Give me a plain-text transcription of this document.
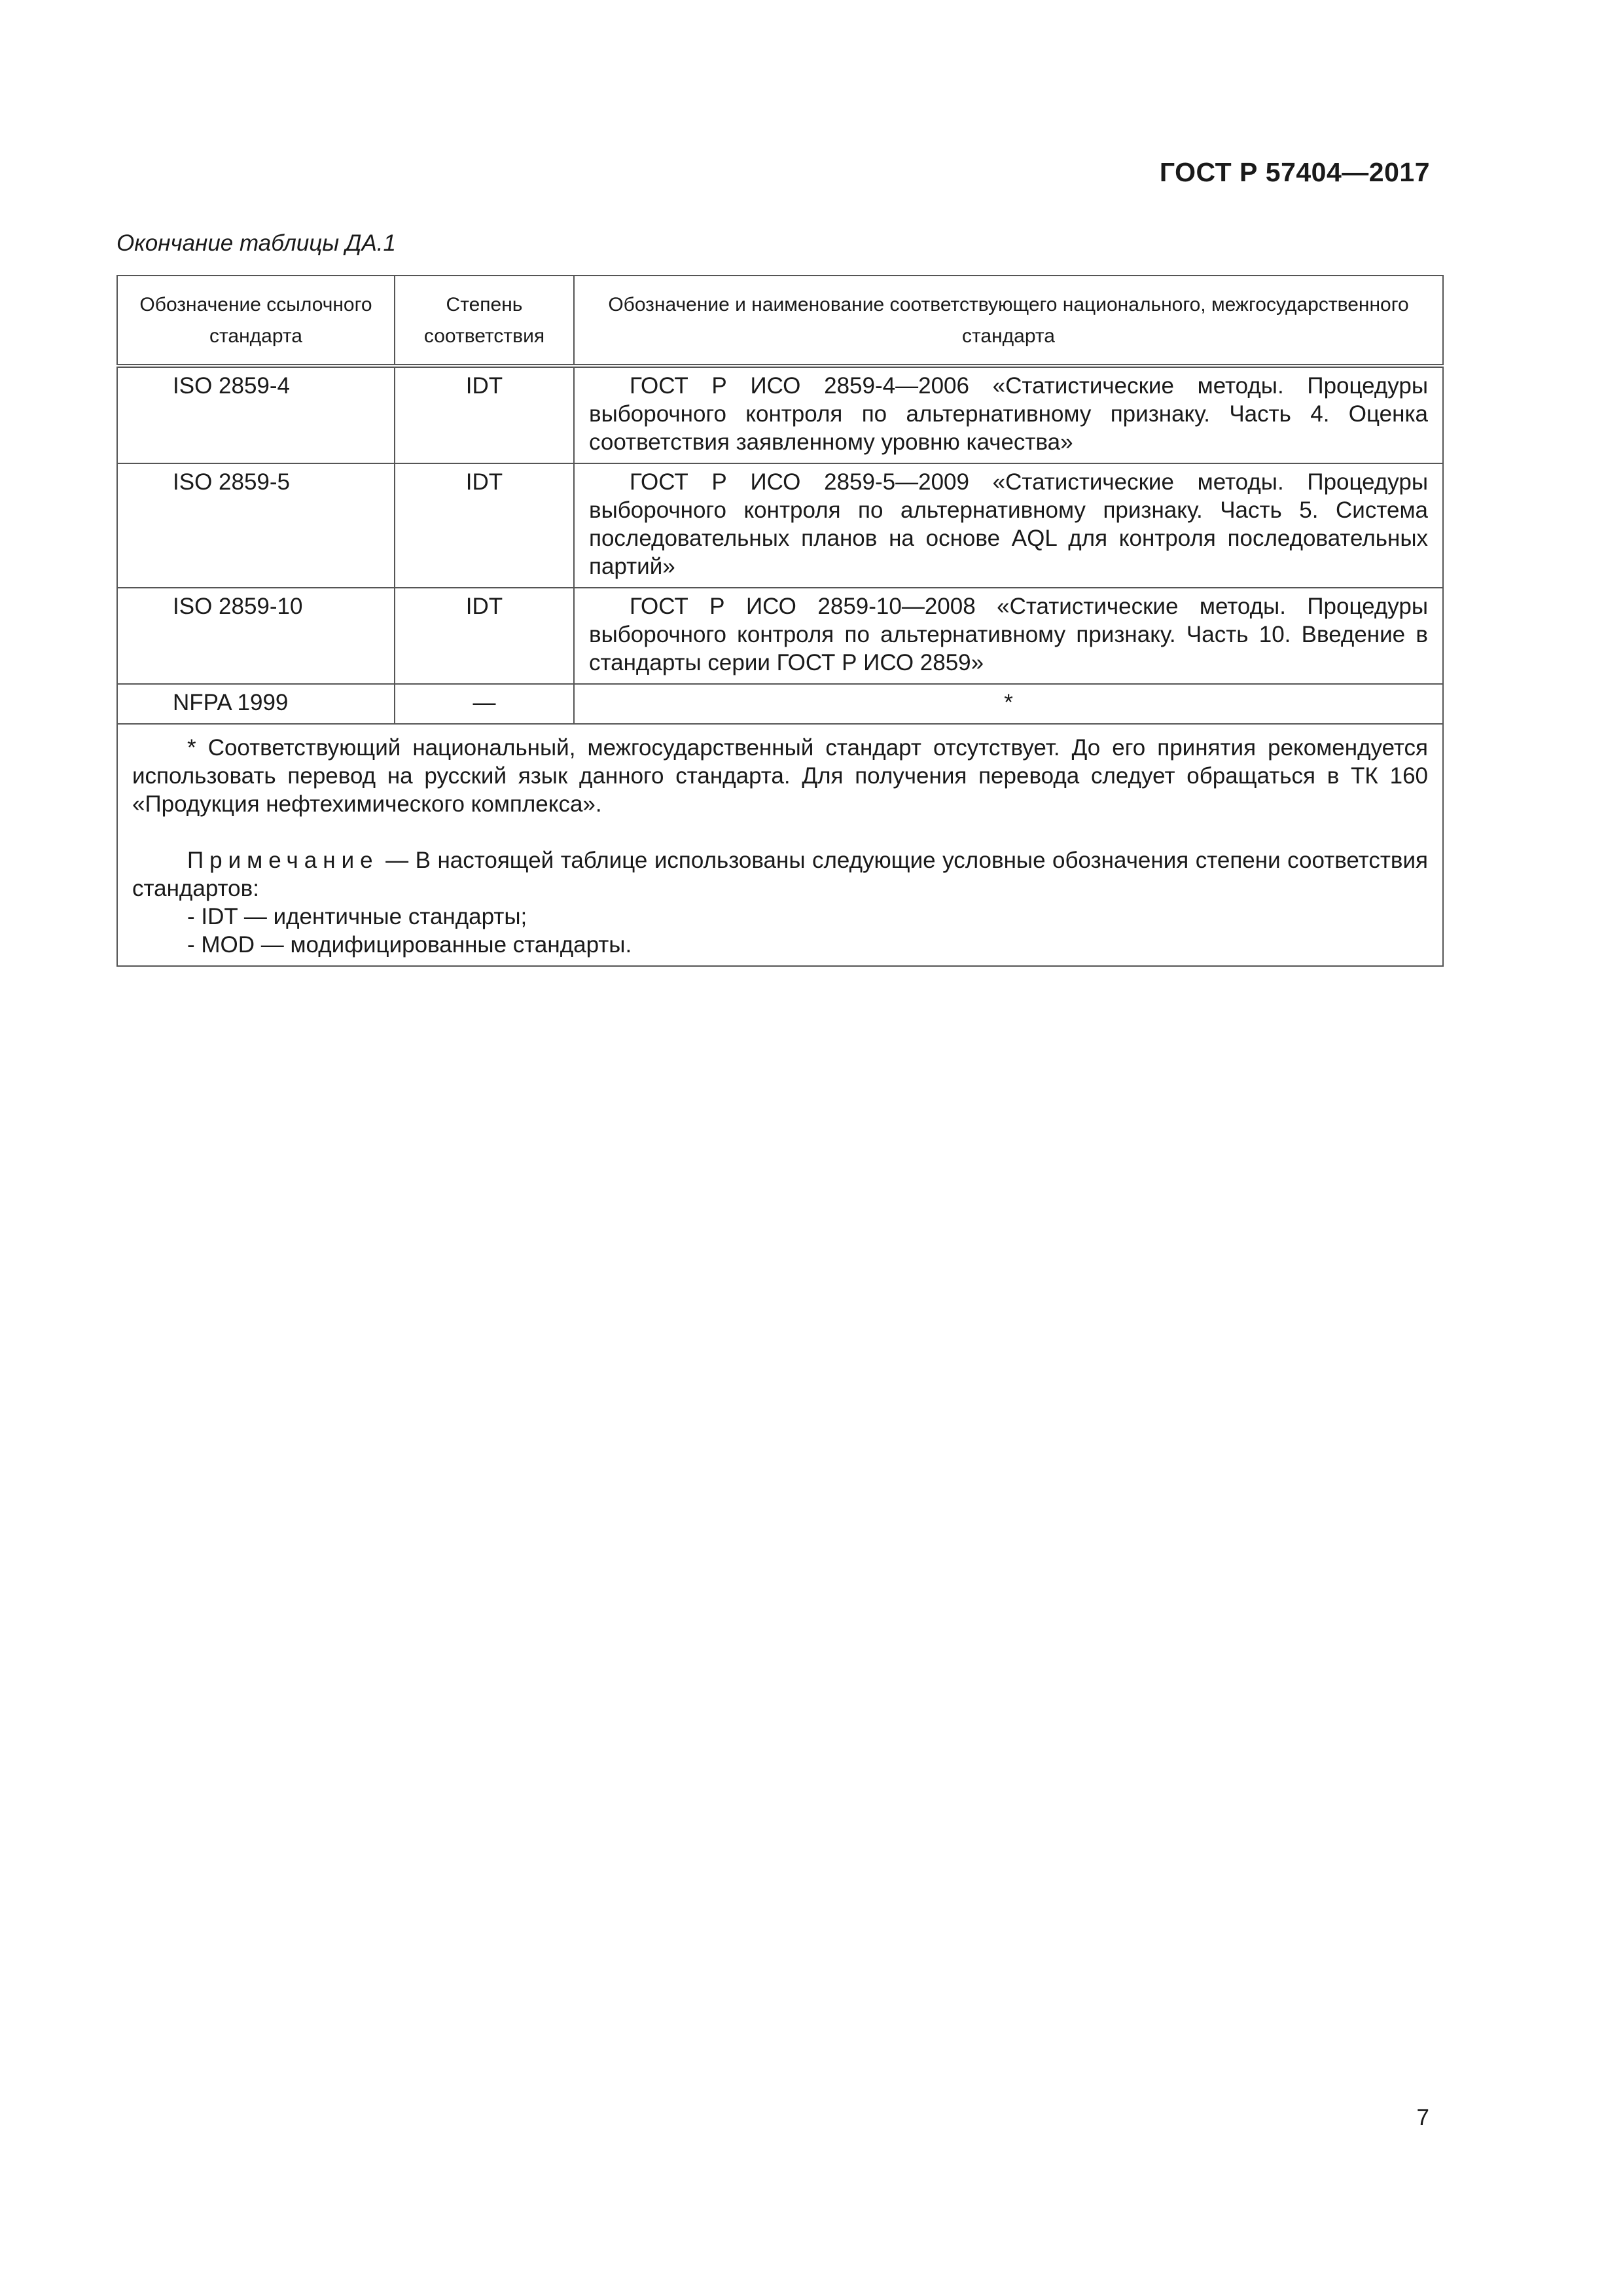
ГОСТ Р 57404—2017
Окончание таблицы ДА.1
Обозначение ссылочного стандарта	Степень соответствия	Обозначение и наименование соответствующего национального, межгосударственного стандарта
ISO 2859-4	IDT	ГОСТ Р ИСО 2859-4—2006 «Статистические методы. Процедуры выборочного контроля по альтернативному признаку. Часть 4. Оценка соответствия заявленному уровню качества»
ISO 2859-5	IDT	ГОСТ Р ИСО 2859-5—2009 «Статистические методы. Процедуры выборочного контроля по альтернативному признаку. Часть 5. Система последовательных планов на основе AQL для контроля последовательных партий»
ISO 2859-10	IDT	ГОСТ Р ИСО 2859-10—2008 «Статистические методы. Процедуры выборочного контроля по альтернативному признаку. Часть 10. Введение в стандарты серии ГОСТ Р ИСО 2859»
NFPA 1999	—	*

* Соответствующий национальный, межгосударственный стандарт отсутствует. До его принятия рекомендуется использовать перевод на русский язык данного стандарта. Для получения перевода следует обращаться в ТК 160 «Продукция нефтехимического комплекса».

Примечание — В настоящей таблице использованы следующие условные обозначения степени соответствия стандартов:

- IDT — идентичные стандарты;

- MOD — модифицированные стандарты.		

7
